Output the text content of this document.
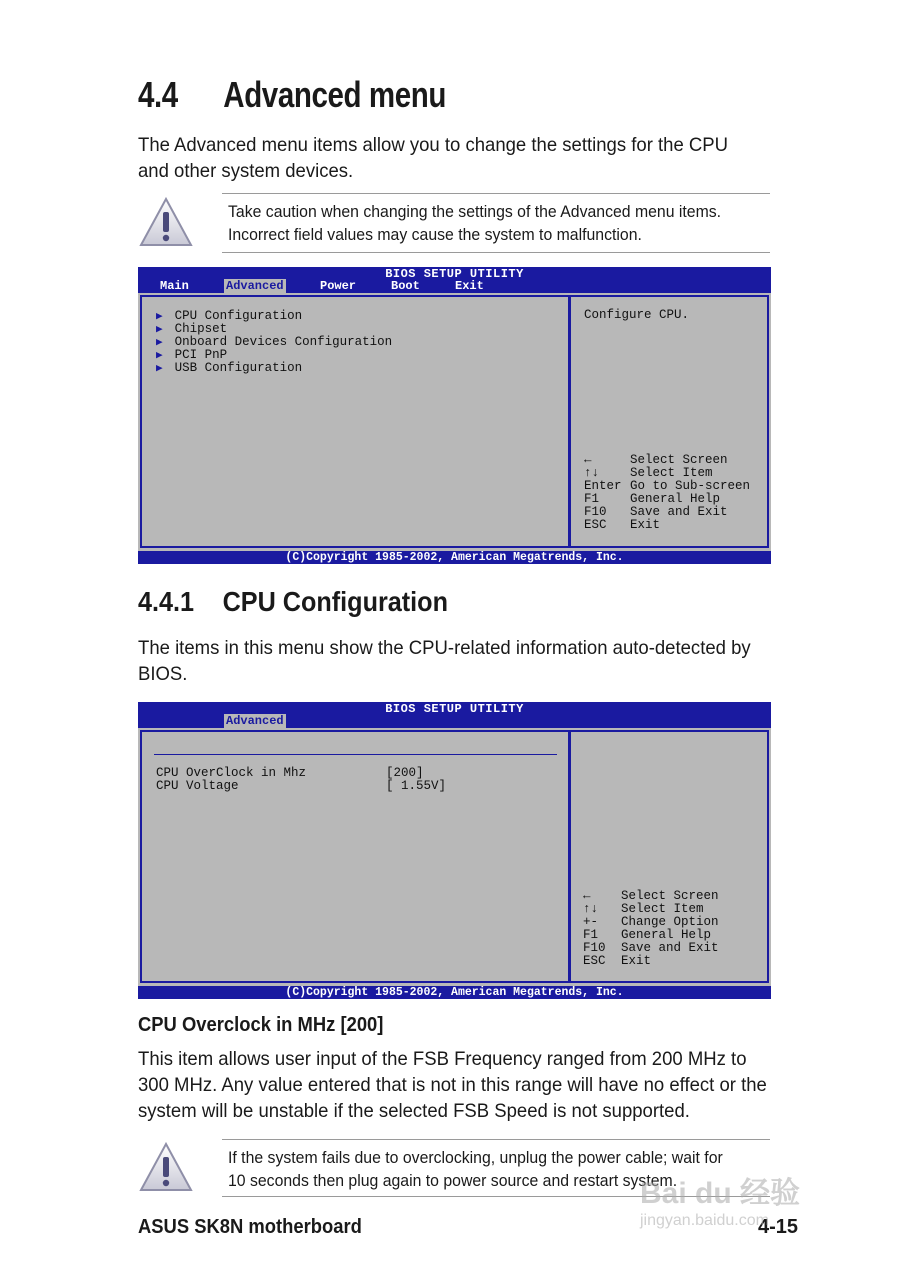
4.4 Advanced menu
The Advanced menu items allow you to change the settings for the CPU and other system devices.
Take caution when changing the settings of the Advanced menu items.
Incorrect field values may cause the system to malfunction.
BIOS SETUP UTILITY
Main	Advanced	Power	Boot	Exit
▶ CPU Configuration
▶ Chipset
▶ Onboard Devices Configuration
▶ PCI PnP
▶ USB Configuration
Configure CPU.
←	Select Screen
↑↓ Select Item
Enter Go to Sub-screen
F1 General Help
F10 Save and Exit
ESC Exit
(C)Copyright 1985-2002, American Megatrends, Inc.
4.4.1 CPU Configuration
The items in this menu show the CPU-related information auto-detected by BIOS.
BIOS SETUP UTILITY
Advanced
CPU OverClock in Mhz	[200]
CPU Voltage	[ 1.55V]
← Select Screen
↑↓ Select Item
+- Change Option
F1 General Help
F10 Save and Exit
ESC Exit
(C)Copyright 1985-2002, American Megatrends, Inc.
CPU Overclock in MHz [200]
This item allows user input of the FSB Frequency ranged from 200 MHz to 300 MHz. Any value entered that is not in this range will have no effect or the system will be unstable if the selected FSB Speed is not supported.
If the system fails due to overclocking, unplug the power cable; wait for
10 seconds then plug again to power source and restart system.
ASUS SK8N motherboard	4-15
Bai du 经验
jingyan.baidu.com
